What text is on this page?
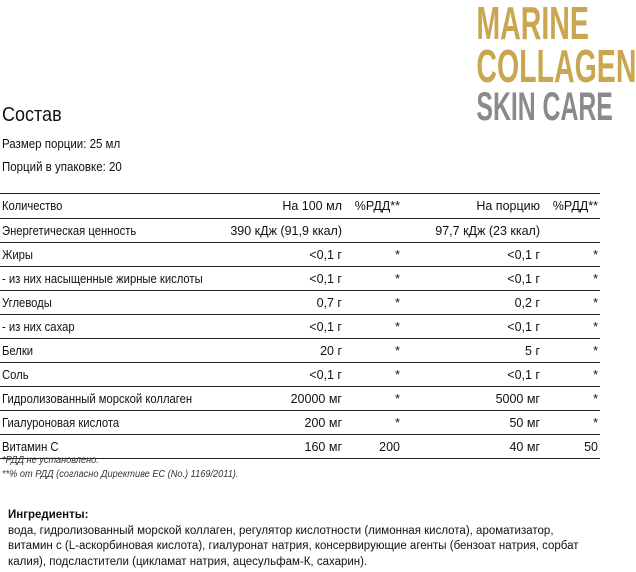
MARINE
COLLAGEN
SKIN CARE
Состав
Размер порции: 25 мл
Порций в упаковке: 20
Количество	На 100 мл %РДД**	На порцию %РДД**
Энергетическая ценность	390 кДж (91,9 ккал)	97,7 кДж (23 ккал)
Жиры	<0,1 г	*	<0,1 г	*
- из них насыщенные жирные кислоты	<0,1 г	*	<0,1 г	*
Углеводы	0,7 г	*	0,2 г	*
- из них сахар	<0,1 г	*	<0,1 г	*
Белки	20 г	*	5 г	*
Соль	<0,1 г	*	<0,1 г	*
Гидролизованный морской коллаген	20000 мг	*	5000 мг	*
Гиалуроновая кислота	200 мг	*	50 мг	*
Витамин С	160 мг	200	40 мг	50
*РДД не установлено.
**% от РДД (согласно Директиве ЕС (No.) 1169/2011).
Ингредиенты:
вода, гидролизованный морской коллаген, регулятор кислотности (лимонная кислота), ароматизатор, витамин с (L-аскорбиновая кислота), гиалуронат натрия, консервирующие агенты (бензоат натрия, сорбат калия), подсластители (цикламат натрия, ацесульфам-К, сахарин).
